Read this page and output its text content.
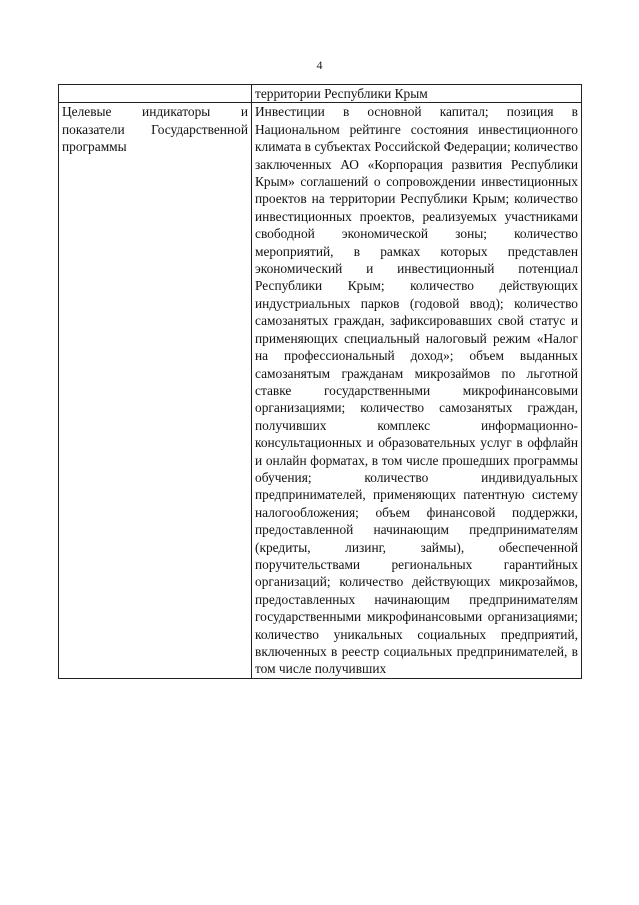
4
	территории Республики Крым
Целевые индикаторы и показатели Государственной программы	Инвестиции в основной капитал; позиция в Национальном рейтинге состояния инвестиционного климата в субъектах Российской Федерации; количество заключенных АО «Корпорация развития Республики Крым» соглашений о сопровождении инвестиционных проектов на территории Республики Крым; количество инвестиционных проектов, реализуемых участниками свободной экономической зоны; количество мероприятий, в рамках которых представлен экономический и инвестиционный потенциал Республики Крым; количество действующих индустриальных парков (годовой ввод); количество самозанятых граждан, зафиксировавших свой статус и применяющих специальный налоговый режим «Налог на профессиональный доход»; объем выданных самозанятым гражданам микрозаймов по льготной ставке государственными микрофинансовыми организациями; количество самозанятых граждан, получивших комплекс информационно-консультационных и образовательных услуг в оффлайн и онлайн форматах, в том числе прошедших программы обучения; количество индивидуальных предпринимателей, применяющих патентную систему налогообложения; объем финансовой поддержки, предоставленной начинающим предпринимателям (кредиты, лизинг, займы), обеспеченной поручительствами региональных гарантийных организаций; количество действующих микрозаймов, предоставленных начинающим предпринимателям государственными микрофинансовыми организациями; количество уникальных социальных предприятий, включенных в реестр социальных предпринимателей, в том числе получивших
